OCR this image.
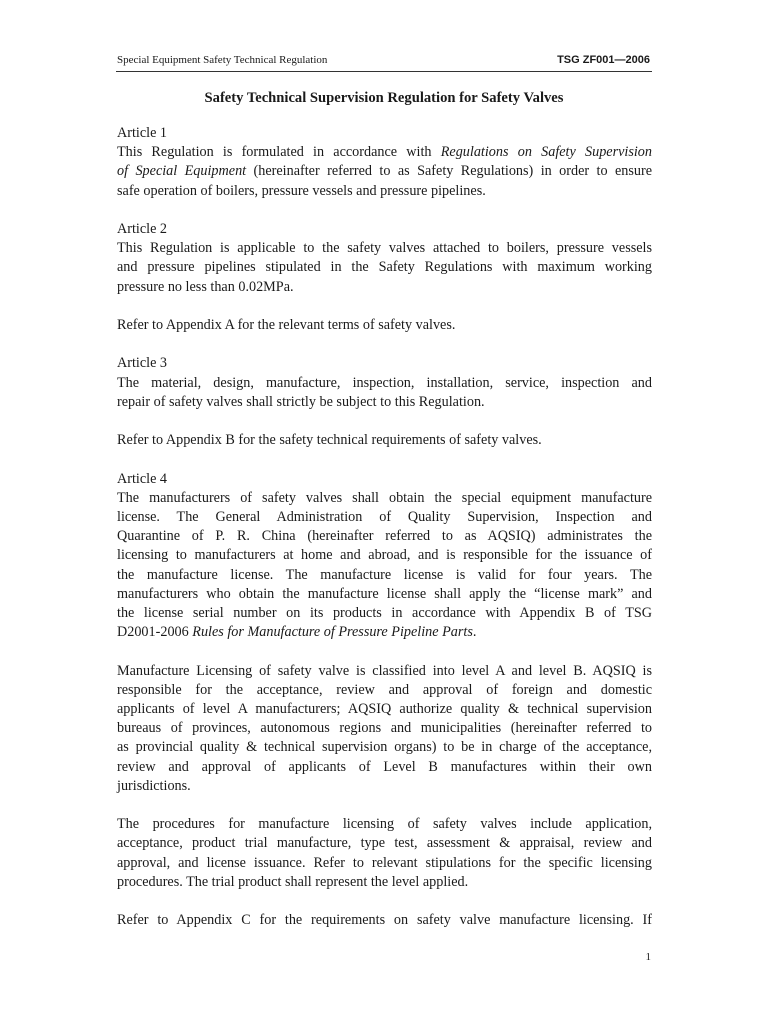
Special Equipment Safety Technical Regulation	TSG ZF001—2006
Safety Technical Supervision Regulation for Safety Valves
Article 1
This Regulation is formulated in accordance with Regulations on Safety Supervision
of Special Equipment (hereinafter referred to as Safety Regulations) in order to ensure
safe operation of boilers, pressure vessels and pressure pipelines.
Article 2
This Regulation is applicable to the safety valves attached to boilers, pressure vessels
and pressure pipelines stipulated in the Safety Regulations with maximum working
pressure no less than 0.02MPa.
Refer to Appendix A for the relevant terms of safety valves.
Article 3
The material, design, manufacture, inspection, installation, service, inspection and
repair of safety valves shall strictly be subject to this Regulation.
Refer to Appendix B for the safety technical requirements of safety valves.
Article 4
The manufacturers of safety valves shall obtain the special equipment manufacture
license. The General Administration of Quality Supervision, Inspection and
Quarantine of P. R. China (hereinafter referred to as AQSIQ) administrates the
licensing to manufacturers at home and abroad, and is responsible for the issuance of
the manufacture license. The manufacture license is valid for four years. The
manufacturers who obtain the manufacture license shall apply the “license mark” and
the license serial number on its products in accordance with Appendix B of TSG
D2001-2006 Rules for Manufacture of Pressure Pipeline Parts.
Manufacture Licensing of safety valve is classified into level A and level B. AQSIQ is
responsible for the acceptance, review and approval of foreign and domestic
applicants of level A manufacturers; AQSIQ authorize quality & technical supervision
bureaus of provinces, autonomous regions and municipalities (hereinafter referred to
as provincial quality & technical supervision organs) to be in charge of the acceptance,
review and approval of applicants of Level B manufactures within their own
jurisdictions.
The procedures for manufacture licensing of safety valves include application,
acceptance, product trial manufacture, type test, assessment & appraisal, review and
approval, and license issuance. Refer to relevant stipulations for the specific licensing
procedures. The trial product shall represent the level applied.
Refer to Appendix C for the requirements on safety valve manufacture licensing. If
1
